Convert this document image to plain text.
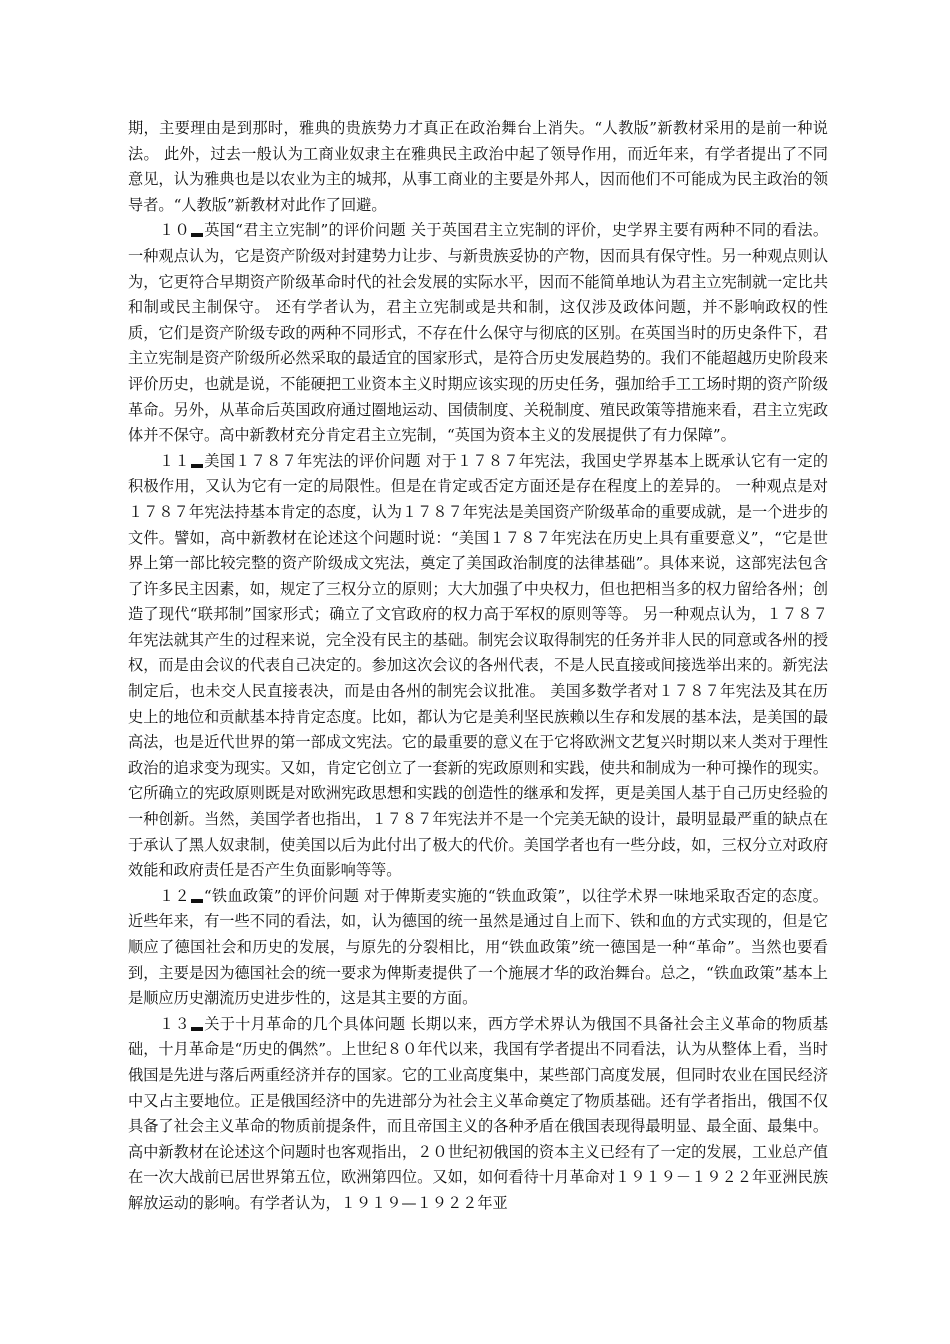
期，主要理由是到那时，雅典的贵族势力才真正在政治舞台上消失。“人教版”新教材采用的是前一种说法。 此外，过去一般认为工商业奴隶主在雅典民主政治中起了领导作用，而近年来，有学者提出了不同意见，认为雅典也是以农业为主的城邦，从事工商业的主要是外邦人，因而他们不可能成为民主政治的领导者。“人教版”新教材对此作了回避。

１０ 英国“君主立宪制”的评价问题 关于英国君主立宪制的评价，史学界主要有两种不同的看法。一种观点认为，它是资产阶级对封建势力让步、与新贵族妥协的产物，因而具有保守性。另一种观点则认为，它更符合早期资产阶级革命时代的社会发展的实际水平，因而不能简单地认为君主立宪制就一定比共和制或民主制保守。 还有学者认为，君主立宪制或是共和制，这仅涉及政体问题，并不影响政权的性质，它们是资产阶级专政的两种不同形式，不存在什么保守与彻底的区别。在英国当时的历史条件下，君主立宪制是资产阶级所必然采取的最适宜的国家形式，是符合历史发展趋势的。我们不能超越历史阶段来评价历史，也就是说，不能硬把工业资本主义时期应该实现的历史任务，强加给手工工场时期的资产阶级革命。另外，从革命后英国政府通过圈地运动、国债制度、关税制度、殖民政策等措施来看，君主立宪政体并不保守。高中新教材充分肯定君主立宪制，“英国为资本主义的发展提供了有力保障”。

１１ 美国１７８７年宪法的评价问题 对于１７８７年宪法，我国史学界基本上既承认它有一定的积极作用，又认为它有一定的局限性。但是在肯定或否定方面还是存在程度上的差异的。 一种观点是对１７８７年宪法持基本肯定的态度，认为１７８７年宪法是美国资产阶级革命的重要成就，是一个进步的文件。譬如，高中新教材在论述这个问题时说：“美国１７８７年宪法在历史上具有重要意义”，“它是世界上第一部比较完整的资产阶级成文宪法，奠定了美国政治制度的法律基础”。具体来说，这部宪法包含了许多民主因素，如，规定了三权分立的原则；大大加强了中央权力，但也把相当多的权力留给各州；创造了现代“联邦制”国家形式；确立了文官政府的权力高于军权的原则等等。 另一种观点认为，１７８７年宪法就其产生的过程来说，完全没有民主的基础。制宪会议取得制宪的任务并非人民的同意或各州的授权，而是由会议的代表自己决定的。参加这次会议的各州代表，不是人民直接或间接选举出来的。新宪法制定后，也未交人民直接表决，而是由各州的制宪会议批准。 美国多数学者对１７８７年宪法及其在历史上的地位和贡献基本持肯定态度。比如，都认为它是美利坚民族赖以生存和发展的基本法，是美国的最高法，也是近代世界的第一部成文宪法。它的最重要的意义在于它将欧洲文艺复兴时期以来人类对于理性政治的追求变为现实。又如，肯定它创立了一套新的宪政原则和实践，使共和制成为一种可操作的现实。它所确立的宪政原则既是对欧洲宪政思想和实践的创造性的继承和发挥，更是美国人基于自己历史经验的一种创新。当然，美国学者也指出，１７８７年宪法并不是一个完美无缺的设计，最明显最严重的缺点在于承认了黑人奴隶制，使美国以后为此付出了极大的代价。美国学者也有一些分歧，如，三权分立对政府效能和政府责任是否产生负面影响等等。

１２ “铁血政策”的评价问题 对于俾斯麦实施的“铁血政策”，以往学术界一味地采取否定的态度。近些年来，有一些不同的看法，如，认为德国的统一虽然是通过自上而下、铁和血的方式实现的，但是它顺应了德国社会和历史的发展，与原先的分裂相比，用“铁血政策”统一德国是一种“革命”。当然也要看到，主要是因为德国社会的统一要求为俾斯麦提供了一个施展才华的政治舞台。总之，“铁血政策”基本上是顺应历史潮流历史进步性的，这是其主要的方面。

１３ 关于十月革命的几个具体问题 长期以来，西方学术界认为俄国不具备社会主义革命的物质基础，十月革命是“历史的偶然”。上世纪８０年代以来，我国有学者提出不同看法，认为从整体上看，当时俄国是先进与落后两重经济并存的国家。它的工业高度集中，某些部门高度发展，但同时农业在国民经济中又占主要地位。正是俄国经济中的先进部分为社会主义革命奠定了物质基础。还有学者指出，俄国不仅具备了社会主义革命的物质前提条件，而且帝国主义的各种矛盾在俄国表现得最明显、最全面、最集中。高中新教材在论述这个问题时也客观指出，２０世纪初俄国的资本主义已经有了一定的发展，工业总产值在一次大战前已居世界第五位，欧洲第四位。又如，如何看待十月革命对１９１９－１９２２年亚洲民族解放运动的影响。有学者认为，１９１９—１９２２年亚
